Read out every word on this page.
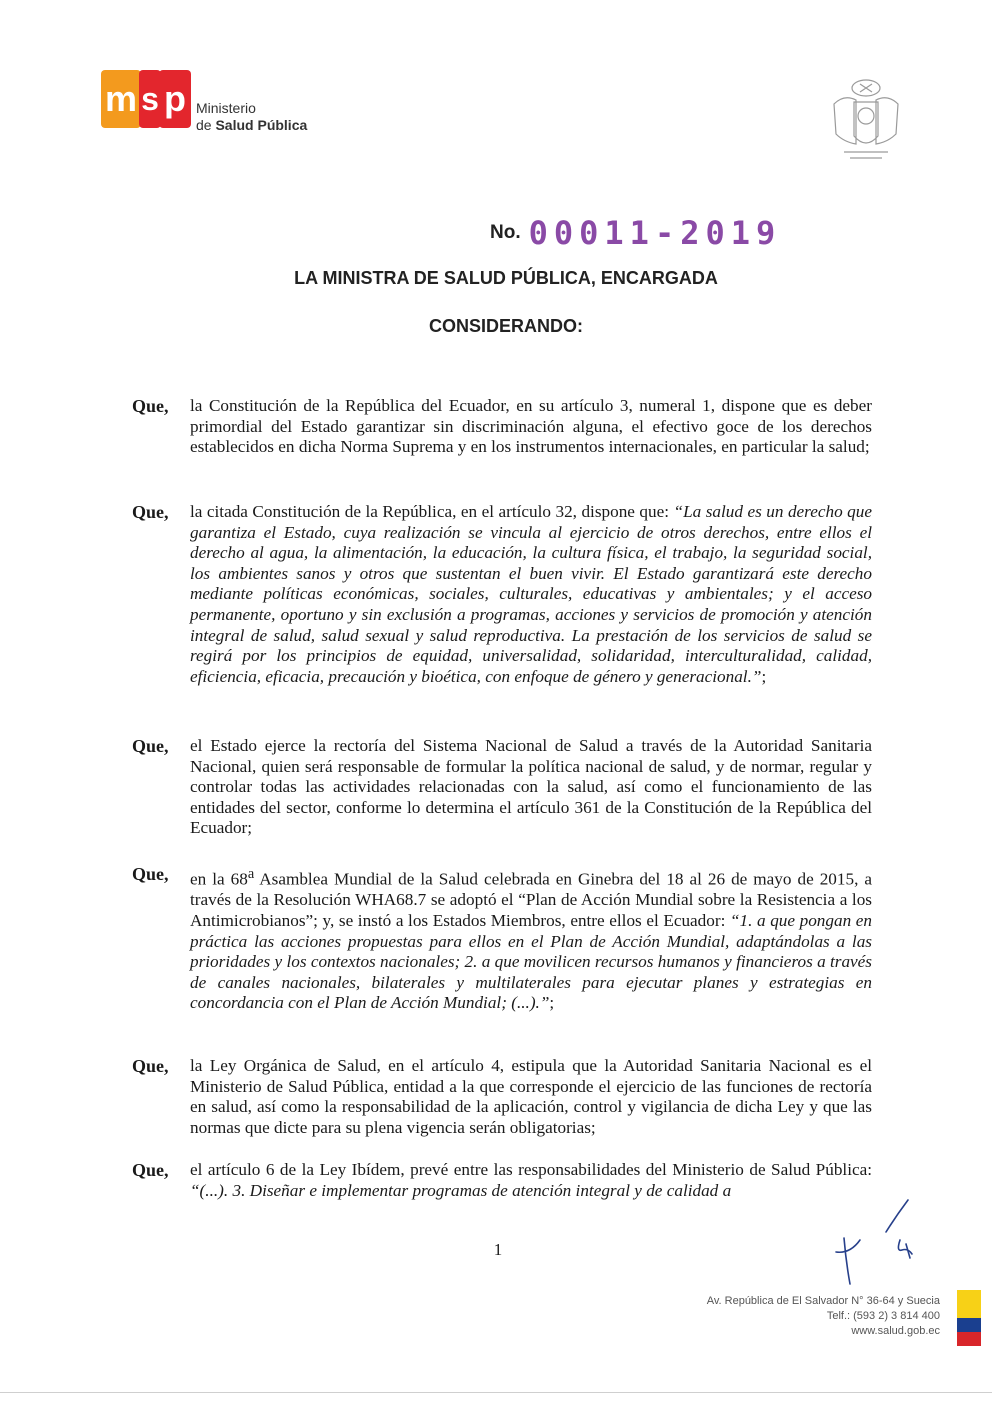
m s p Ministerio
de Salud Pública
No. 00011-2019
LA MINISTRA DE SALUD PÚBLICA, ENCARGADA
CONSIDERANDO:
Que, la Constitución de la República del Ecuador, en su artículo 3, numeral 1, dispone que es deber primordial del Estado garantizar sin discriminación alguna, el efectivo goce de los derechos establecidos en dicha Norma Suprema y en los instrumentos internacionales, en particular la salud;
Que, la citada Constitución de la República, en el artículo 32, dispone que: “La salud es un derecho que garantiza el Estado, cuya realización se vincula al ejercicio de otros derechos, entre ellos el derecho al agua, la alimentación, la educación, la cultura física, el trabajo, la seguridad social, los ambientes sanos y otros que sustentan el buen vivir. El Estado garantizará este derecho mediante políticas económicas, sociales, culturales, educativas y ambientales; y el acceso permanente, oportuno y sin exclusión a programas, acciones y servicios de promoción y atención integral de salud, salud sexual y salud reproductiva. La prestación de los servicios de salud se regirá por los principios de equidad, universalidad, solidaridad, interculturalidad, calidad, eficiencia, eficacia, precaución y bioética, con enfoque de género y generacional.”;
Que, el Estado ejerce la rectoría del Sistema Nacional de Salud a través de la Autoridad Sanitaria Nacional, quien será responsable de formular la política nacional de salud, y de normar, regular y controlar todas las actividades relacionadas con la salud, así como el funcionamiento de las entidades del sector, conforme lo determina el artículo 361 de la Constitución de la República del Ecuador;
Que, en la 68$^a$ Asamblea Mundial de la Salud celebrada en Ginebra del 18 al 26 de mayo de 2015, a través de la Resolución WHA68.7 se adoptó el “Plan de Acción Mundial sobre la Resistencia a los Antimicrobianos”; y, se instó a los Estados Miembros, entre ellos el Ecuador: “1. a que pongan en práctica las acciones propuestas para ellos en el Plan de Acción Mundial, adaptándolas a las prioridades y los contextos nacionales; 2. a que movilicen recursos humanos y financieros a través de canales nacionales, bilaterales y multilaterales para ejecutar planes y estrategias en concordancia con el Plan de Acción Mundial; (...).”;
Que, la Ley Orgánica de Salud, en el artículo 4, estipula que la Autoridad Sanitaria Nacional es el Ministerio de Salud Pública, entidad a la que corresponde el ejercicio de las funciones de rectoría en salud, así como la responsabilidad de la aplicación, control y vigilancia de dicha Ley y que las normas que dicte para su plena vigencia serán obligatorias;
Que, el artículo 6 de la Ley Ibídem, prevé entre las responsabilidades del Ministerio de Salud Pública: “(...). 3. Diseñar e implementar programas de atención integral y de calidad a
1
Av. República de El Salvador N° 36-64 y Suecia
Telf.: (593 2) 3 814 400
www.salud.gob.ec
